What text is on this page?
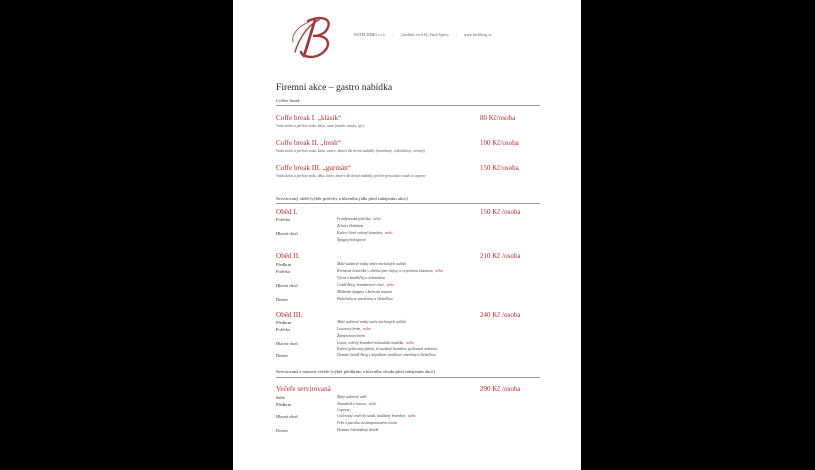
HOTEL BERG s.r.o. | Lázeňský vrch 82, Stará Splavy | www.hotelberg.cz
Firemní akce – gastro nabídka
Coffee break
Coffe break I. „klasik“	80 Kč/osoba
Voda stolní a perlivá voda, káva, mazí (máslo, šunka, sýr)
Coffe break II. „fresh“	100 Kč/osoba
Voda stolní a perlivá voda, káva, ovoce, dezert dle denní nabídky (tvarohový, čokoládový, ovocný)
Coffe break III. „gurmán“	150 Kč/osoba
Voda stolní a perlivá voda, džus, káva, dezert dle denní nabídky, pečivo prosciutto crudo a caprese
Servírovaný oběd (výběr polévky a hlavního jídla před zahájením akce)
Oběd I.	150 Kč /osoba
Polévka	Frankfurtská polévka, nebo
Zelná s klobásou
Hlavní chod	Kuřecí řízek vařený brambor, nebo
Špagety bolognese
Oběd II.	210 Kč /osoba
Předkrm	Malé salátové mísky směs míchaných salátů
Polévka	Krémová česnečka s chlebovými chipsy a vejcelmou slaninou, nebo
Vývar s knedlíčky a zeleninkou
Hlavní chod	Guláš Berg, bramborové rösti, nebo
Milánské špagety s kuřecím masem
Dezert	Palačinka se zmrzlinou a šlehačkou
Oběd III.	240 Kč /osoba
Předkrm	Malé salátové mísky směs míchaných salátů
Polévka	Lososový krém, nebo
Žampionový krém
Hlavní chod	Losos, vařený brambor holandská omáčka, nebo
Kuřecí grilovaný plátek, šťouchaný brambor, grilovaná zelenina
Dezert	Domácí štrúdl Berg s dopalkem vanilkové zmrzliny a šlehačkou
Servírovaná a rautová večeře (výběr předkrmu a hlavního chodu před zahájením akce)
Večeře servírovaná	290 Kč /osoba
Salát	Malý salátový talíř
Předkrm	Tataráček z lososa, nebo
Caprese
Hlavní chod	Grilovaný vepřový steak, mačkaný brambor, nebo
Filet z pstruhu na žampionovém risotu
Dezert	Domácí čokoládový dortík
